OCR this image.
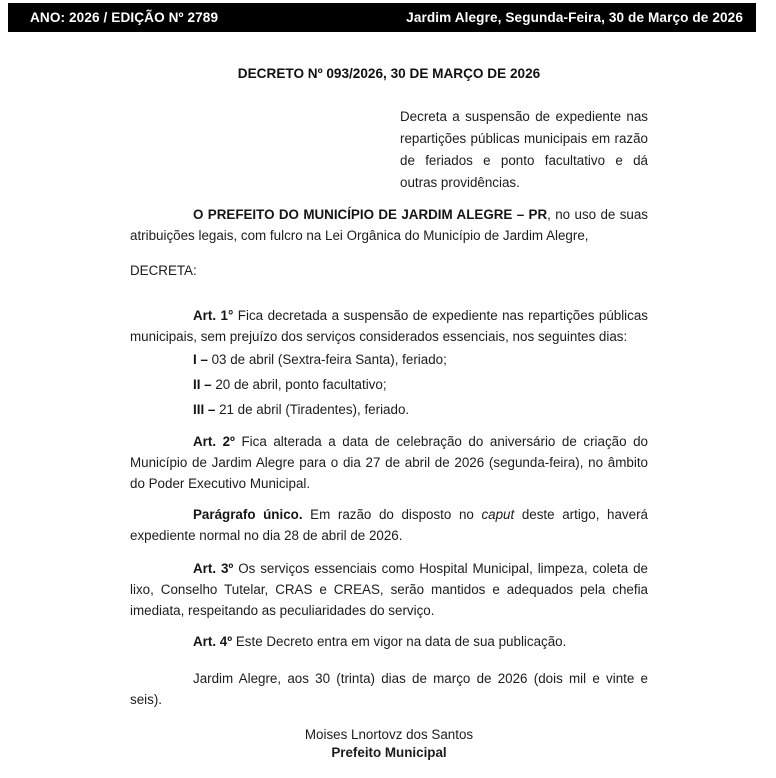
ANO: 2026 / EDIÇÃO Nº 2789	Jardim Alegre, Segunda-Feira, 30 de Março de 2026
DECRETO Nº 093/2026, 30 DE MARÇO DE 2026

Decreta a suspensão de expediente nas repartições públicas municipais em razão de feriados e ponto facultativo e dá outras providências.

O PREFEITO DO MUNICÍPIO DE JARDIM ALEGRE – PR, no uso de suas atribuições legais, com fulcro na Lei Orgânica do Município de Jardim Alegre,

DECRETA:

Art. 1° Fica decretada a suspensão de expediente nas repartições públicas municipais, sem prejuízo dos serviços considerados essenciais, nos seguintes dias:

I – 03 de abril (Sextra-feira Santa), feriado;

II – 20 de abril, ponto facultativo;

III – 21 de abril (Tiradentes), feriado.

Art. 2º Fica alterada a data de celebração do aniversário de criação do Município de Jardim Alegre para o dia 27 de abril de 2026 (segunda-feira), no âmbito do Poder Executivo Municipal.

Parágrafo único. Em razão do disposto no caput deste artigo, haverá expediente normal no dia 28 de abril de 2026.

Art. 3º Os serviços essenciais como Hospital Municipal, limpeza, coleta de lixo, Conselho Tutelar, CRAS e CREAS, serão mantidos e adequados pela chefia imediata, respeitando as peculiaridades do serviço.

Art. 4º Este Decreto entra em vigor na data de sua publicação.

Jardim Alegre, aos 30 (trinta) dias de março de 2026 (dois mil e vinte e seis).

Moises Lnortovz dos Santos

Prefeito Municipal
